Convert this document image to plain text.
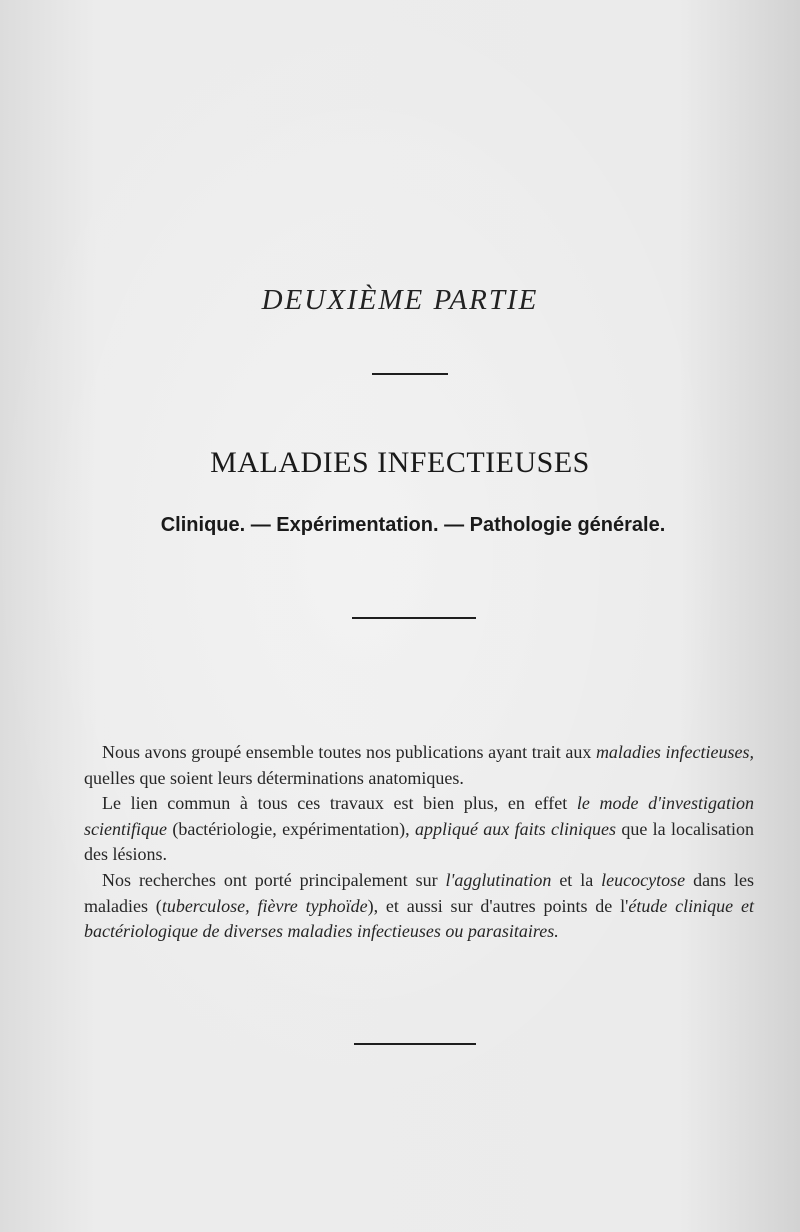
DEUXIÈME PARTIE
MALADIES INFECTIEUSES
Clinique. — Expérimentation. — Pathologie générale.

Nous avons groupé ensemble toutes nos publications ayant trait aux maladies infectieuses, quelles que soient leurs déterminations anatomiques.

Le lien commun à tous ces travaux est bien plus, en effet le mode d'investigation scientifique (bactériologie, expérimentation), appliqué aux faits cliniques que la localisation des lésions.

Nos recherches ont porté principalement sur l'agglutination et la leucocytose dans les maladies (tuberculose, fièvre typhoïde), et aussi sur d'autres points de l'étude clinique et bactériologique de diverses maladies infectieuses ou parasitaires.
